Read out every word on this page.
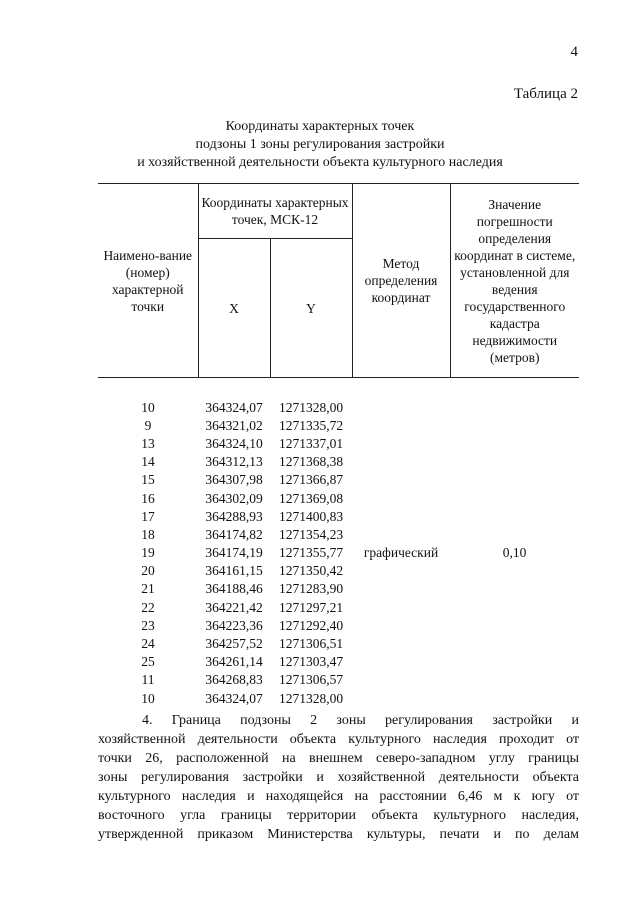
4
Таблица 2
Координаты характерных точек
подзоны 1 зоны регулирования застройки
и хозяйственной деятельности объекта культурного наследия
Наимено-вание (номер) характерной точки	Координаты характерных точек, МСК-12		Метод определения координат	Значение погрешности определения координат в системе, установленной для ведения государственного кадастра недвижимости (метров)
	X	Y		

10	364324,07	1271328,00	графический	0,10
9	364321,02	1271335,72		
13	364324,10	1271337,01		
14	364312,13	1271368,38		
15	364307,98	1271366,87		
16	364302,09	1271369,08		
17	364288,93	1271400,83		
18	364174,82	1271354,23		
19	364174,19	1271355,77		
20	364161,15	1271350,42		
21	364188,46	1271283,90		
22	364221,42	1271297,21		
23	364223,36	1271292,40		
24	364257,52	1271306,51		
25	364261,14	1271303,47		
11	364268,83	1271306,57		
10	364324,07	1271328,00		
4. Граница подзоны 2 зоны регулирования застройки и
хозяйственной деятельности объекта культурного наследия проходит от
точки 26, расположенной на внешнем северо-западном углу границы
зоны регулирования застройки и хозяйственной деятельности объекта
культурного наследия и находящейся на расстоянии 6,46 м к югу от
восточного угла границы территории объекта культурного наследия,
утвержденной приказом Министерства культуры, печати и по делам
